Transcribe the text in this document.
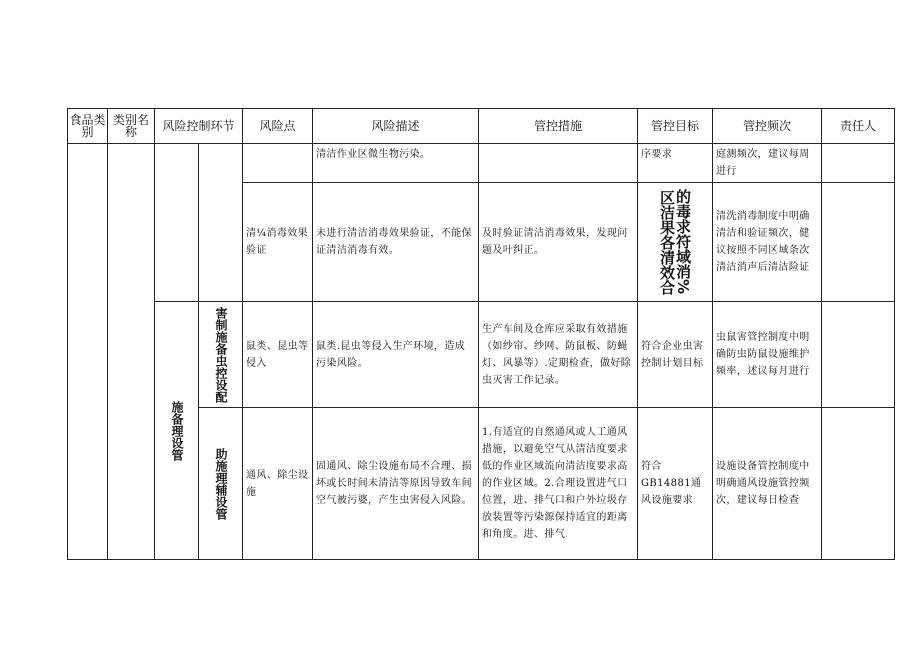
食品类别	类别名称	风险控制环节		风险点	风险描述	管控措施	管控目标	管控频次	责任人

					清洁作业区微生物污染。		序要求	庭测频次，建议每周进行	

				清¼消毒效果验证	未进行清洁消毒效果验证，不能保证清洁消毒有效。	及时验证清洁消毒效果，发现问题及叶纠正。	的毒求符域消%区洁果各清效合	清洗消毒制度中明确清洁和验证频次，健议按照不同区域条次清洁消声后清洁险证	

		施备理设管	害制施备虫控设配	鼠类、昆虫等侵入	鼠类.昆虫等侵入生产环境，造成污染风险。	生产车间及仓库应采取有效措施（如纱帘、纱网、防鼠板、防蝇灯、风暴等）.定期检查，做好除虫灭害工作记录。	符合企业虫害控制计划目标	虫鼠害管控制度中明确防虫防鼠设施维护频率，述议每月进行	

			助施理辅设管	通风、除尘设施	固通风、除尘设施布局不合理、损坏或长时间未清洁等原因导致车间空气被污婆，产生虫害侵入风险。	1.有适宜的自然通风或人工通风措施，以避免空气从清洁度要求低的作业区域流向清洁度要求高的作业区域。2.合理设置进气口位置，进、排气口和户外垃圾存放装置等污染源保持适宜的距离和角度。进、排气	符合GB14881通风设施要求	设施设备管控制度中明确通风设施管控频次，建议每日检查	
